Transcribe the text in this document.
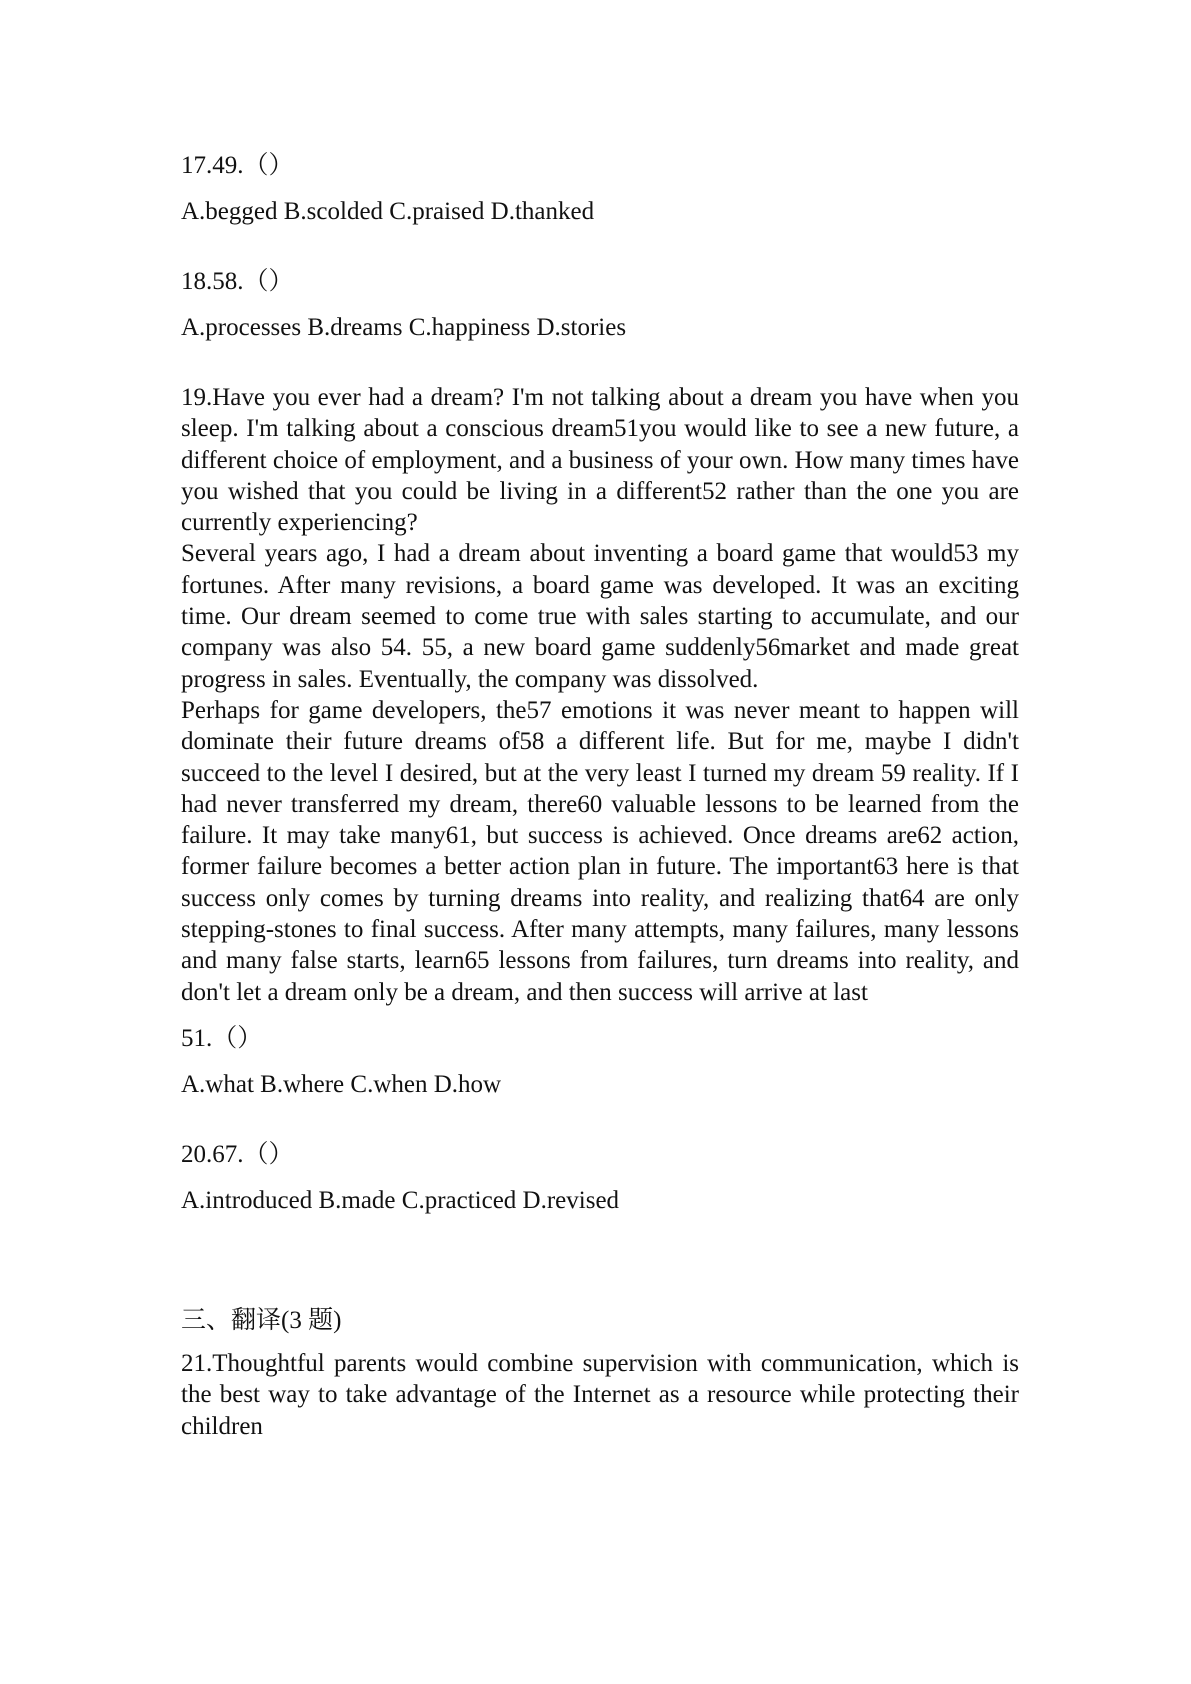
17.49.（）

A.begged B.scolded C.praised D.thanked

18.58.（）

A.processes B.dreams C.happiness D.stories

19.Have you ever had a dream? I'm not talking about a dream you have when you sleep. I'm talking about a conscious dream51you would like to see a new future, a different choice of employment, and a business of your own. How many times have you wished that you could be living in a different52 rather than the one you are currently experiencing?

Several years ago, I had a dream about inventing a board game that would53 my fortunes. After many revisions, a board game was developed. It was an exciting time. Our dream seemed to come true with sales starting to accumulate, and our company was also 54. 55, a new board game suddenly56market and made great progress in sales. Eventually, the company was dissolved.

Perhaps for game developers, the57 emotions it was never meant to happen will dominate their future dreams of58 a different life. But for me, maybe I didn't succeed to the level I desired, but at the very least I turned my dream 59 reality. If I had never transferred my dream, there60 valuable lessons to be learned from the failure. It may take many61, but success is achieved. Once dreams are62 action, former failure becomes a better action plan in future. The important63 here is that success only comes by turning dreams into reality, and realizing that64 are only stepping-stones to final success. After many attempts, many failures, many lessons and many false starts, learn65 lessons from failures, turn dreams into reality, and don't let a dream only be a dream, and then success will arrive at last

51.（）

A.what B.where C.when D.how

20.67.（）

A.introduced B.made C.practiced D.revised

三、翻译(3 题)

21.Thoughtful parents would combine supervision with communication, which is the best way to take advantage of the Internet as a resource while protecting their children
